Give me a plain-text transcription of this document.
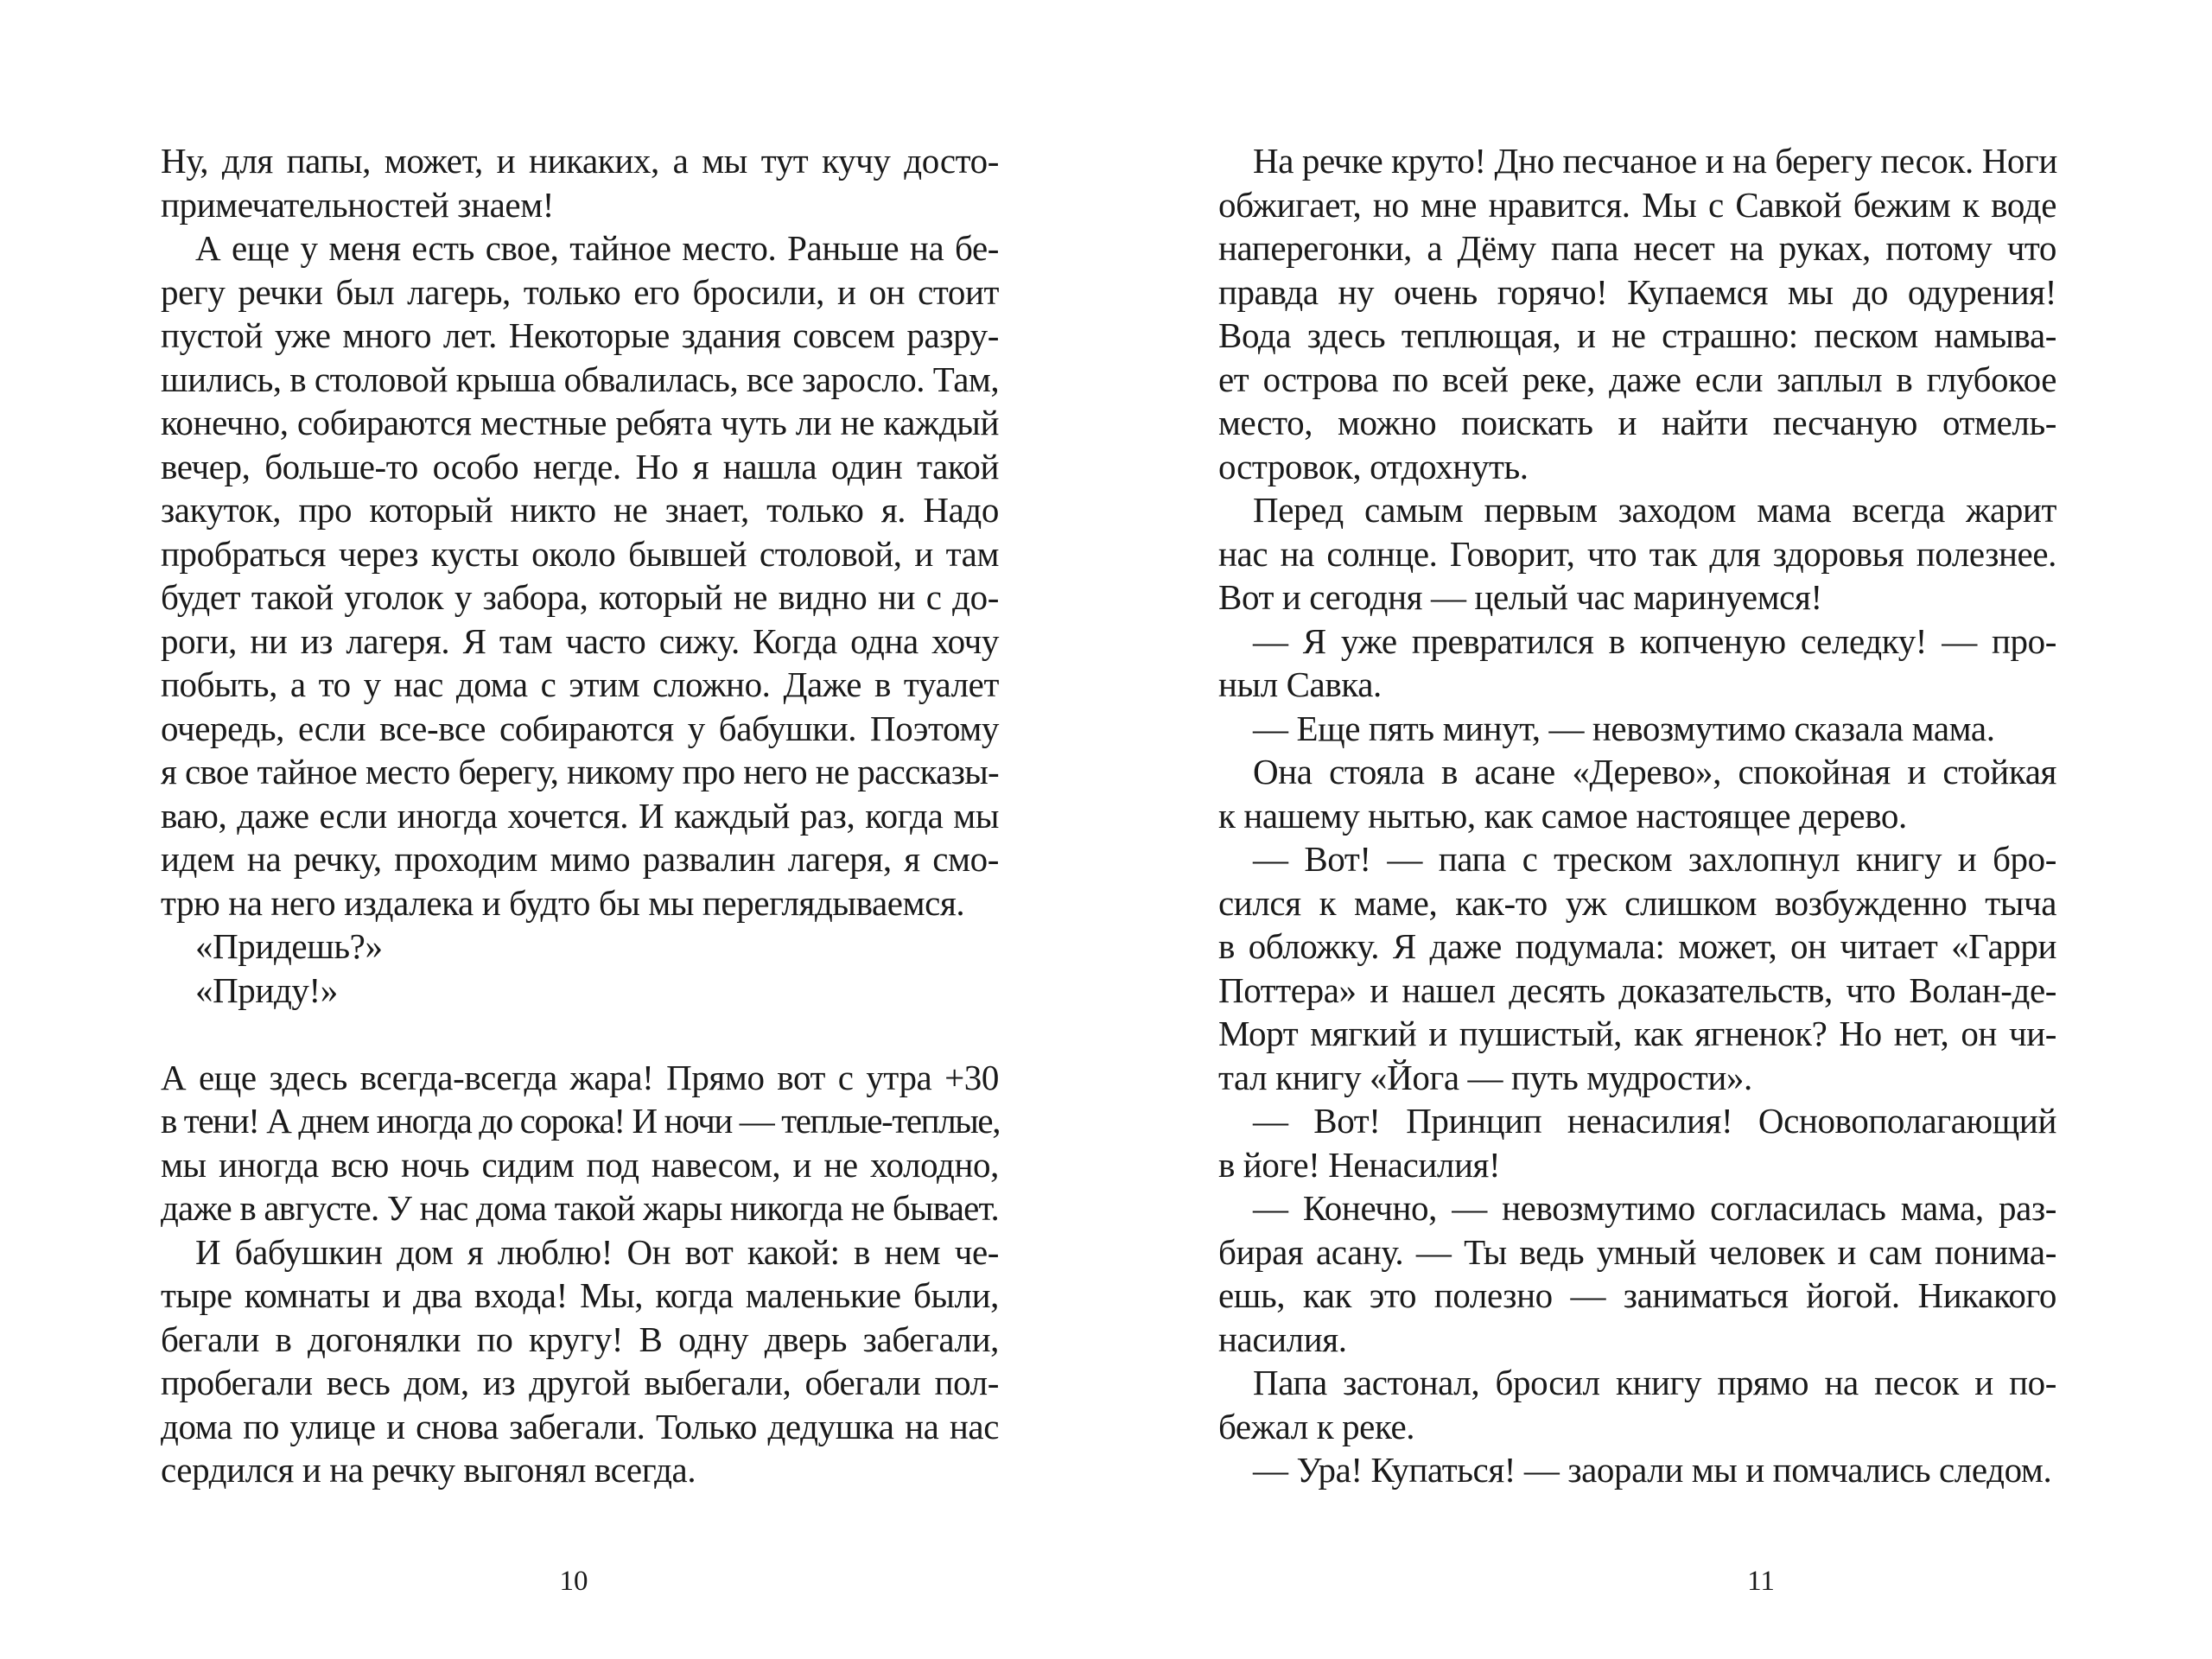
Ну, для папы, может, и никаких, а мы тут кучу досто-
примечательностей знаем!
А еще у меня есть свое, тайное место. Раньше на бе-
регу речки был лагерь, только его бросили, и он стоит
пустой уже много лет. Некоторые здания совсем разру-
шились, в столовой крыша обвалилась, все заросло. Там,
конечно, собираются местные ребята чуть ли не каждый
вечер, больше-то особо негде. Но я нашла один такой
закуток, про который никто не знает, только я. Надо
пробраться через кусты около бывшей столовой, и там
будет такой уголок у забора, который не видно ни с до-
роги, ни из лагеря. Я там часто сижу. Когда одна хочу
побыть, а то у нас дома с этим сложно. Даже в туалет
очередь, если все-все собираются у бабушки. Поэтому
я свое тайное место берегу, никому про него не рассказы-
ваю, даже если иногда хочется. И каждый раз, когда мы
идем на речку, проходим мимо развалин лагеря, я смо-
трю на него издалека и будто бы мы переглядываемся.
«Придешь?»
«Приду!»
А еще здесь всегда-всегда жара! Прямо вот с утра +30
в тени! А днем иногда до сорока! И ночи — теплые-теплые,
мы иногда всю ночь сидим под навесом, и не холодно,
даже в августе. У нас дома такой жары никогда не бывает.
И бабушкин дом я люблю! Он вот какой: в нем че-
тыре комнаты и два входа! Мы, когда маленькие были,
бегали в догонялки по кругу! В одну дверь забегали,
пробегали весь дом, из другой выбегали, обегали пол-
дома по улице и снова забегали. Только дедушка на нас
сердился и на речку выгонял всегда.
10
На речке круто! Дно песчаное и на берегу песок. Ноги
обжигает, но мне нравится. Мы с Савкой бежим к воде
наперегонки, а Дёму папа несет на руках, потому что
правда ну очень горячо! Купаемся мы до одурения!
Вода здесь теплющая, и не страшно: песком намыва-
ет острова по всей реке, даже если заплыл в глубокое
место, можно поискать и найти песчаную отмель-
островок, отдохнуть.
Перед самым первым заходом мама всегда жарит
нас на солнце. Говорит, что так для здоровья полезнее.
Вот и сегодня — целый час маринуемся!
— Я уже превратился в копченую селедку! — про-
ныл Савка.
— Еще пять минут, — невозмутимо сказала мама.
Она стояла в асане «Дерево», спокойная и стойкая
к нашему нытью, как самое настоящее дерево.
— Вот! — папа с треском захлопнул книгу и бро-
сился к маме, как-то уж слишком возбужденно тыча
в обложку. Я даже подумала: может, он читает «Гарри
Поттера» и нашел десять доказательств, что Волан-де-
Морт мягкий и пушистый, как ягненок? Но нет, он чи-
тал книгу «Йога — путь мудрости».
— Вот! Принцип ненасилия! Основополагающий
в йоге! Ненасилия!
— Конечно, — невозмутимо согласилась мама, раз-
бирая асану. — Ты ведь умный человек и сам понима-
ешь, как это полезно — заниматься йогой. Никакого
насилия.
Папа застонал, бросил книгу прямо на песок и по-
бежал к реке.
— Ура! Купаться! — заорали мы и помчались следом.
11
